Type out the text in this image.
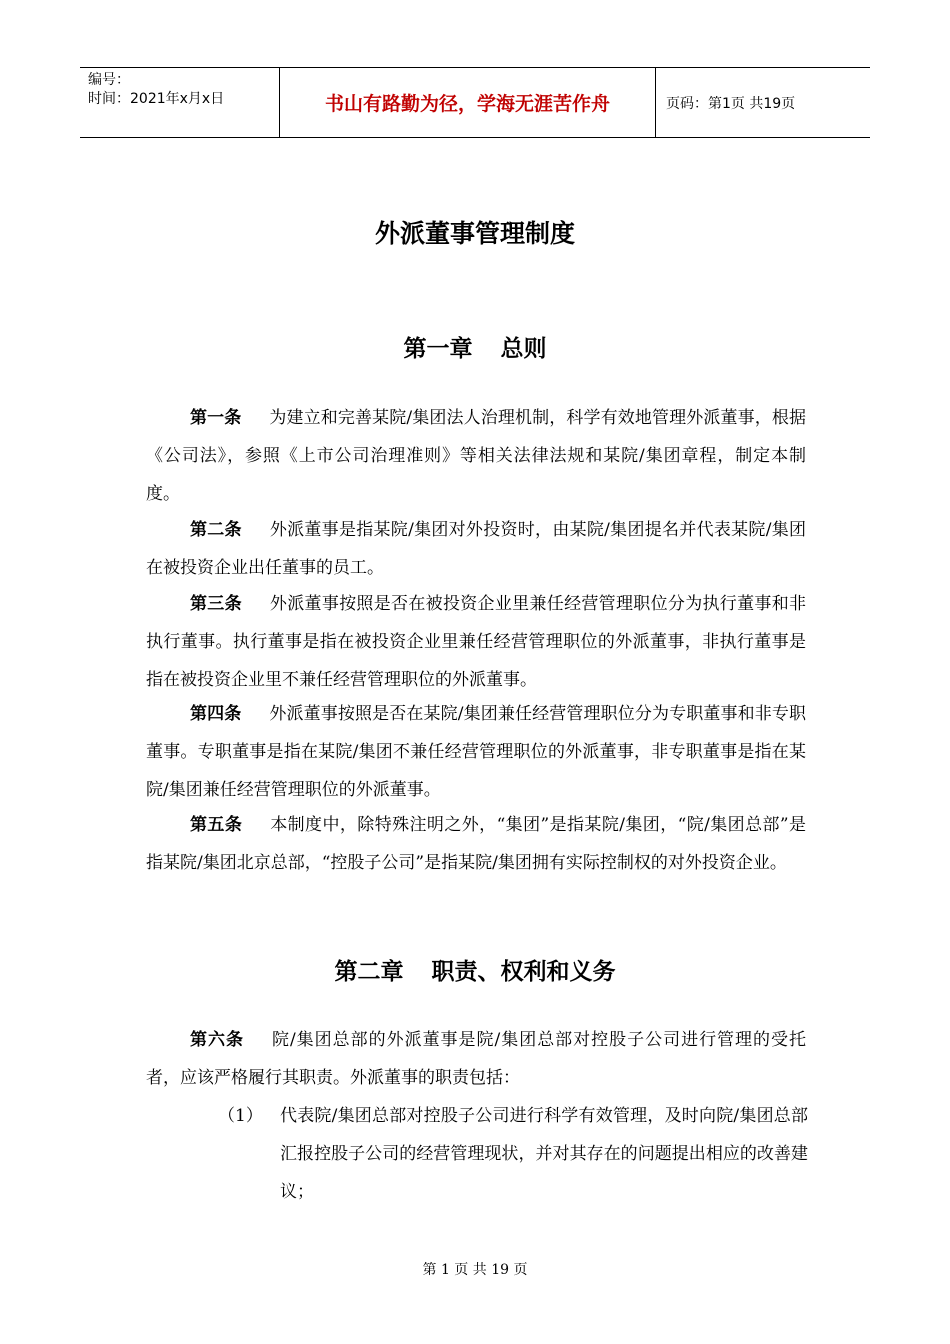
编号：
时间：2021年x月x日	书山有路勤为径，学海无涯苦作舟	页码：第1页 共19页
外派董事管理制度
第一章 总则
第一条 为建立和完善某院/集团法人治理机制，科学有效地管理外派董事，根据《公司法》，参照《上市公司治理准则》等相关法律法规和某院/集团章程，制定本制度。
第二条 外派董事是指某院/集团对外投资时，由某院/集团提名并代表某院/集团在被投资企业出任董事的员工。
第三条 外派董事按照是否在被投资企业里兼任经营管理职位分为执行董事和非执行董事。执行董事是指在被投资企业里兼任经营管理职位的外派董事，非执行董事是指在被投资企业里不兼任经营管理职位的外派董事。
第四条 外派董事按照是否在某院/集团兼任经营管理职位分为专职董事和非专职董事。专职董事是指在某院/集团不兼任经营管理职位的外派董事，非专职董事是指在某院/集团兼任经营管理职位的外派董事。
第五条 本制度中，除特殊注明之外，“集团”是指某院/集团，“院/集团总部”是指某院/集团北京总部，“控股子公司”是指某院/集团拥有实际控制权的对外投资企业。
第二章 职责、权利和义务
第六条 院/集团总部的外派董事是院/集团总部对控股子公司进行管理的受托者，应该严格履行其职责。外派董事的职责包括：
（1） 代表院/集团总部对控股子公司进行科学有效管理，及时向院/集团总部汇报控股子公司的经营管理现状，并对其存在的问题提出相应的改善建议；
第 1 页 共 19 页
